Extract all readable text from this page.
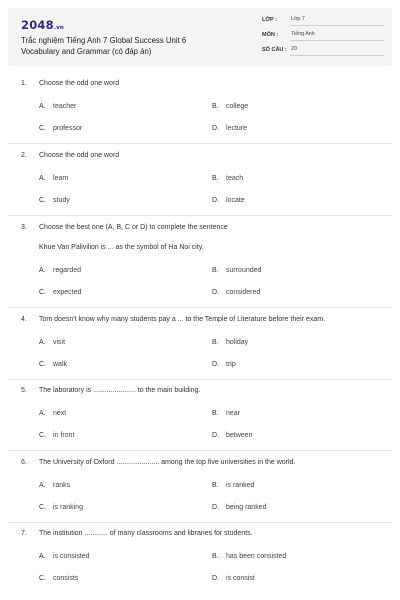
2048.vn
Trắc nghiệm Tiếng Anh 7 Global Success Unit 6
Vocabulary and Grammar (có đáp án)
LỚP :	Lớp 7
MÔN : Tiếng Anh
SỐ CÂU : 20
1. Choose the odd one word
A. teacher	B. college
C. professor	D. lecture
2. Choose the odd one word
A. learn	B. teach
C. study	D. locate
3. Choose the best one (A, B, C or D) to complete the sentence
Khue Van Palivilion is ... as the symbol of Ha Noi city.
A. regarded	B. surrounded
C. expected	D. considered
4. Tom doesn't know why many students pay a ... to the Temple of Literature before their exam.
A. visit	B. holiday
C. walk	D. trip
5. The laboratory is ...................... to the main building.
A. next	B. near
C. in front	D. between
6. The University of Oxford ...................... among the top five universities in the world.
A. ranks	B. is ranked
C. is ranking	D. being ranked
7. The institution ............ of many classrooms and libraries for students.
A. is consisted	B. has been consisted
C. consists	D. is consist
